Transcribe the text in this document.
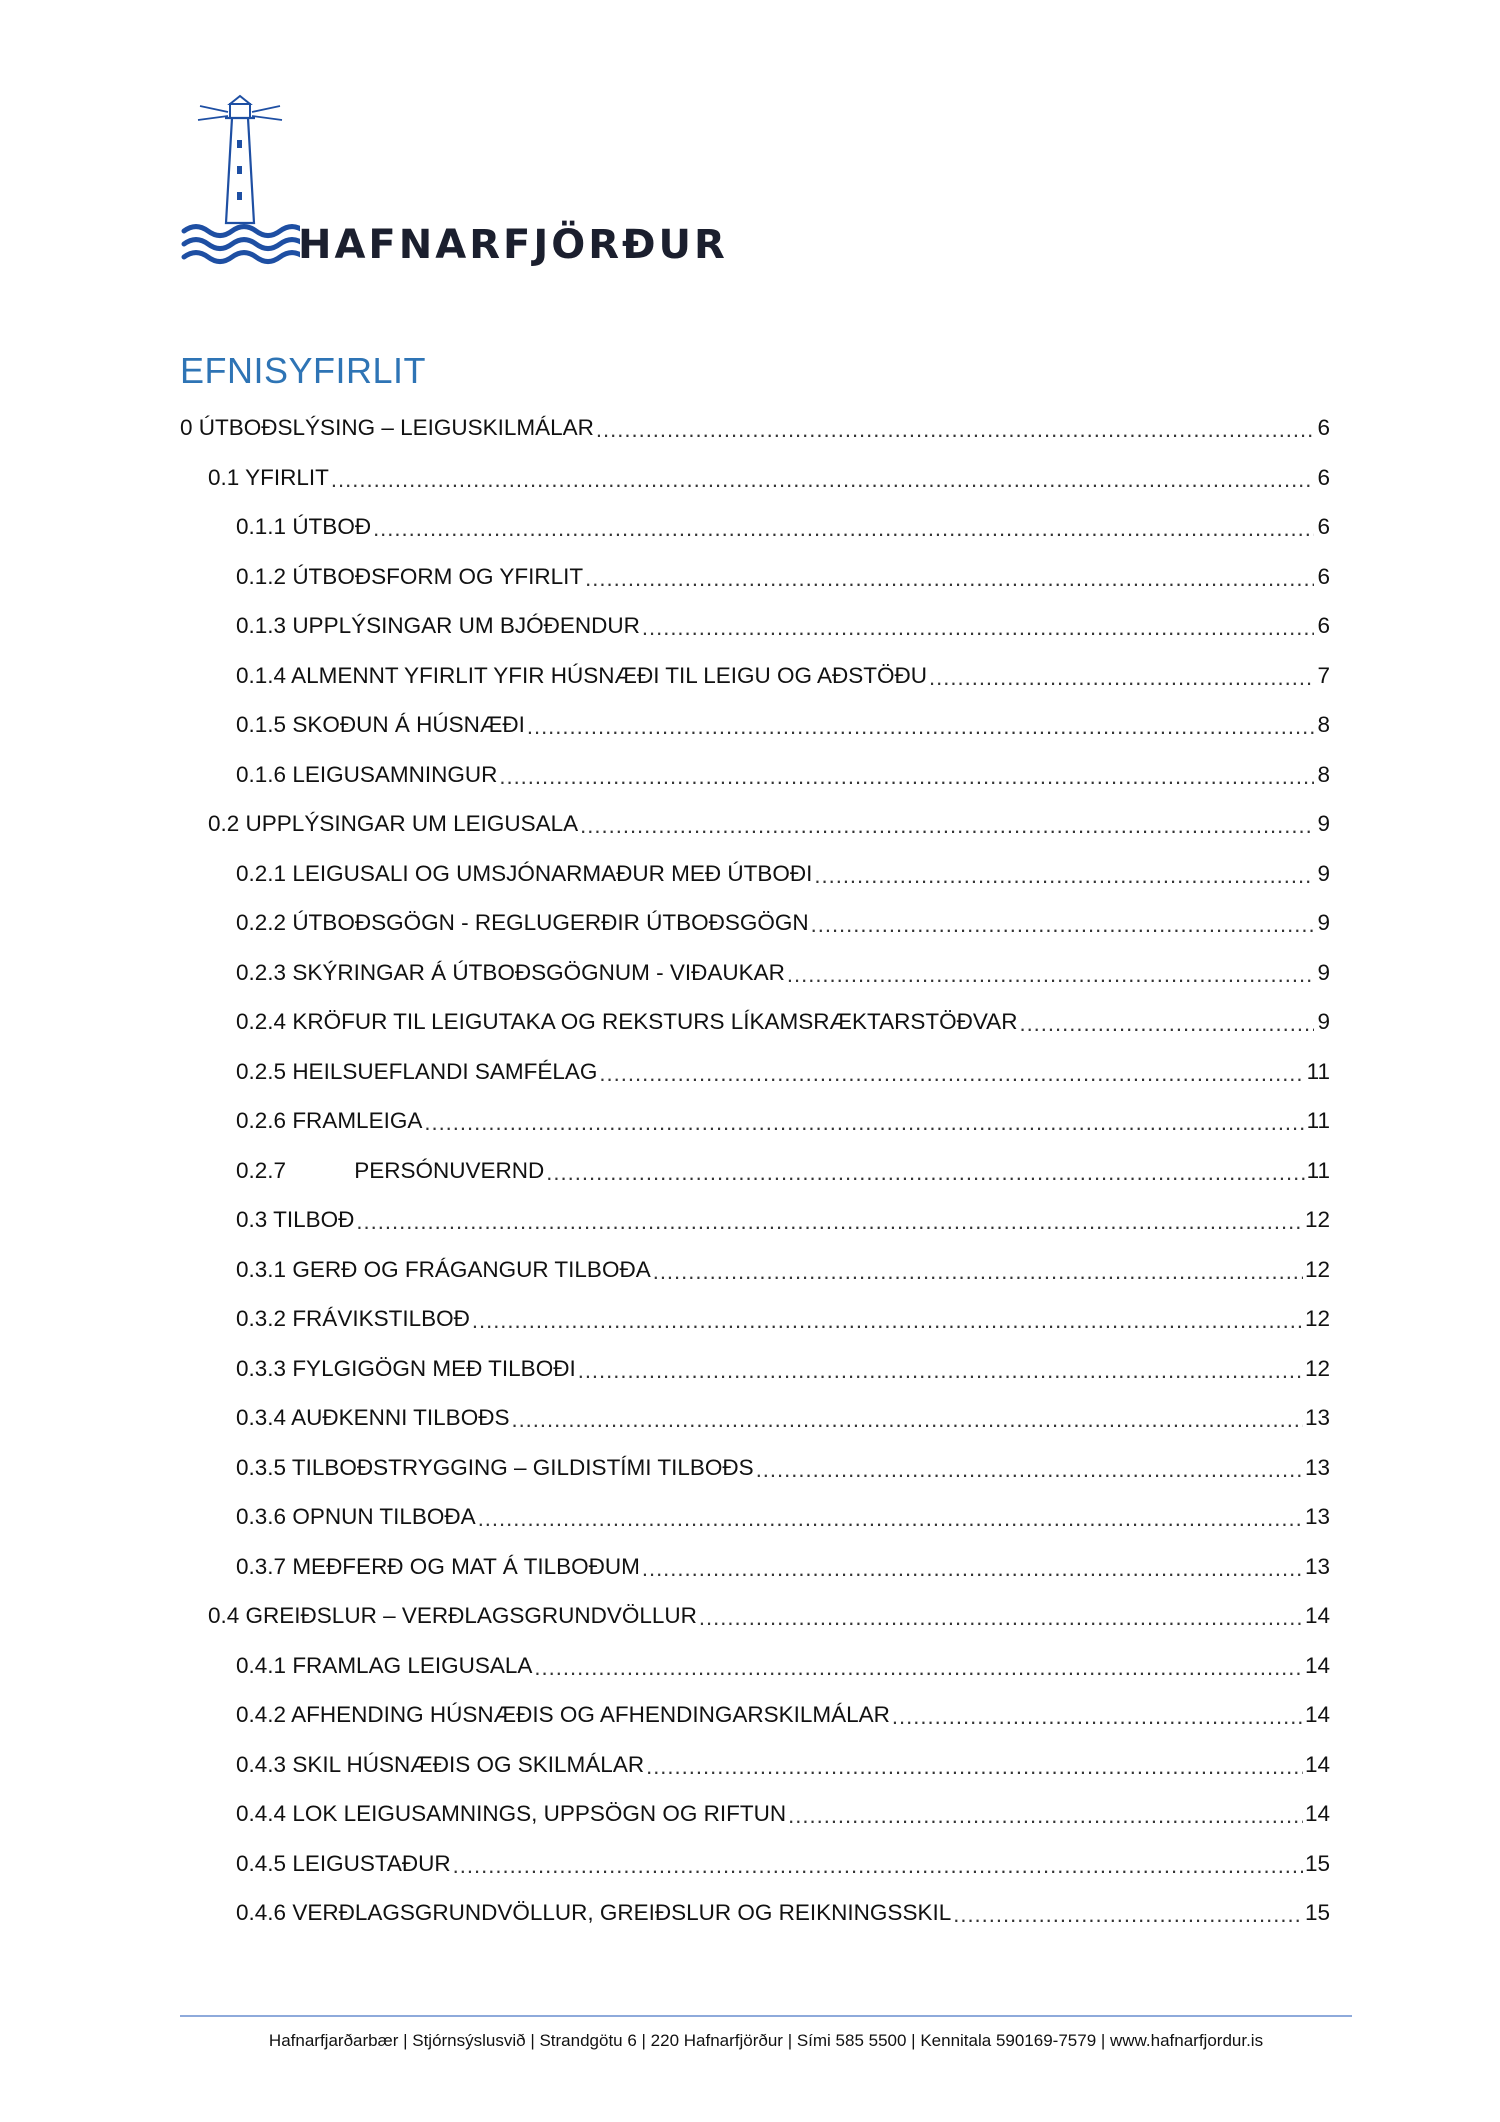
HAFNARFJÖRÐUR
EFNISYFIRLIT
0 ÚTBOÐSLÝSING – LEIGUSKILMÁLAR .....	6
0.1 YFIRLIT .....	6
0.1.1 ÚTBOÐ .....	6
0.1.2 ÚTBOÐSFORM OG YFIRLIT .....	6
0.1.3 UPPLÝSINGAR UM BJÓÐENDUR .....	6
0.1.4 ALMENNT YFIRLIT YFIR HÚSNÆÐI TIL LEIGU OG AÐSTÖÐU .....	7
0.1.5 SKOÐUN Á HÚSNÆÐI .....	8
0.1.6 LEIGUSAMNINGUR .....	8
0.2 UPPLÝSINGAR UM LEIGUSALA .....	9
0.2.1 LEIGUSALI OG UMSJÓNARMAÐUR MEÐ ÚTBOÐI .....	9
0.2.2 ÚTBOÐSGÖGN - REGLUGERÐIR ÚTBOÐSGÖGN .....	9
0.2.3 SKÝRINGAR Á ÚTBOÐSGÖGNUM - VIÐAUKAR .....	9
0.2.4 KRÖFUR TIL LEIGUTAKA OG REKSTURS LÍKAMSRÆKTARSTÖÐVAR .....	9
0.2.5 HEILSUEFLANDI SAMFÉLAG .....	11
0.2.6 FRAMLEIGA .....	11
0.2.7	PERSÓNUVERND .....	11
0.3 TILBOÐ .....	12
0.3.1 GERÐ OG FRÁGANGUR TILBOÐA .....	12
0.3.2 FRÁVIKSTILBOÐ .....	12
0.3.3 FYLGIGÖGN MEÐ TILBOÐI .....	12
0.3.4 AUÐKENNI TILBOÐS .....	13
0.3.5 TILBOÐSTRYGGING – GILDISTÍMI TILBOÐS .....	13
0.3.6 OPNUN TILBOÐA .....	13
0.3.7 MEÐFERÐ OG MAT Á TILBOÐUM .....	13
0.4 GREIÐSLUR – VERÐLAGSGRUNDVÖLLUR .....	14
0.4.1 FRAMLAG LEIGUSALA .....	14
0.4.2 AFHENDING HÚSNÆÐIS OG AFHENDINGARSKILMÁLAR .....	14
0.4.3 SKIL HÚSNÆÐIS OG SKILMÁLAR .....	14
0.4.4 LOK LEIGUSAMNINGS, UPPSÖGN OG RIFTUN .....	14
0.4.5 LEIGUSTAÐUR .....	15
0.4.6 VERÐLAGSGRUNDVÖLLUR, GREIÐSLUR OG REIKNINGSSKIL .....	15
Hafnarfjarðarbær | Stjórnsýslusvið | Strandgötu 6 | 220 Hafnarfjörður | Sími 585 5500 | Kennitala 590169-7579 | www.hafnarfjordur.is
